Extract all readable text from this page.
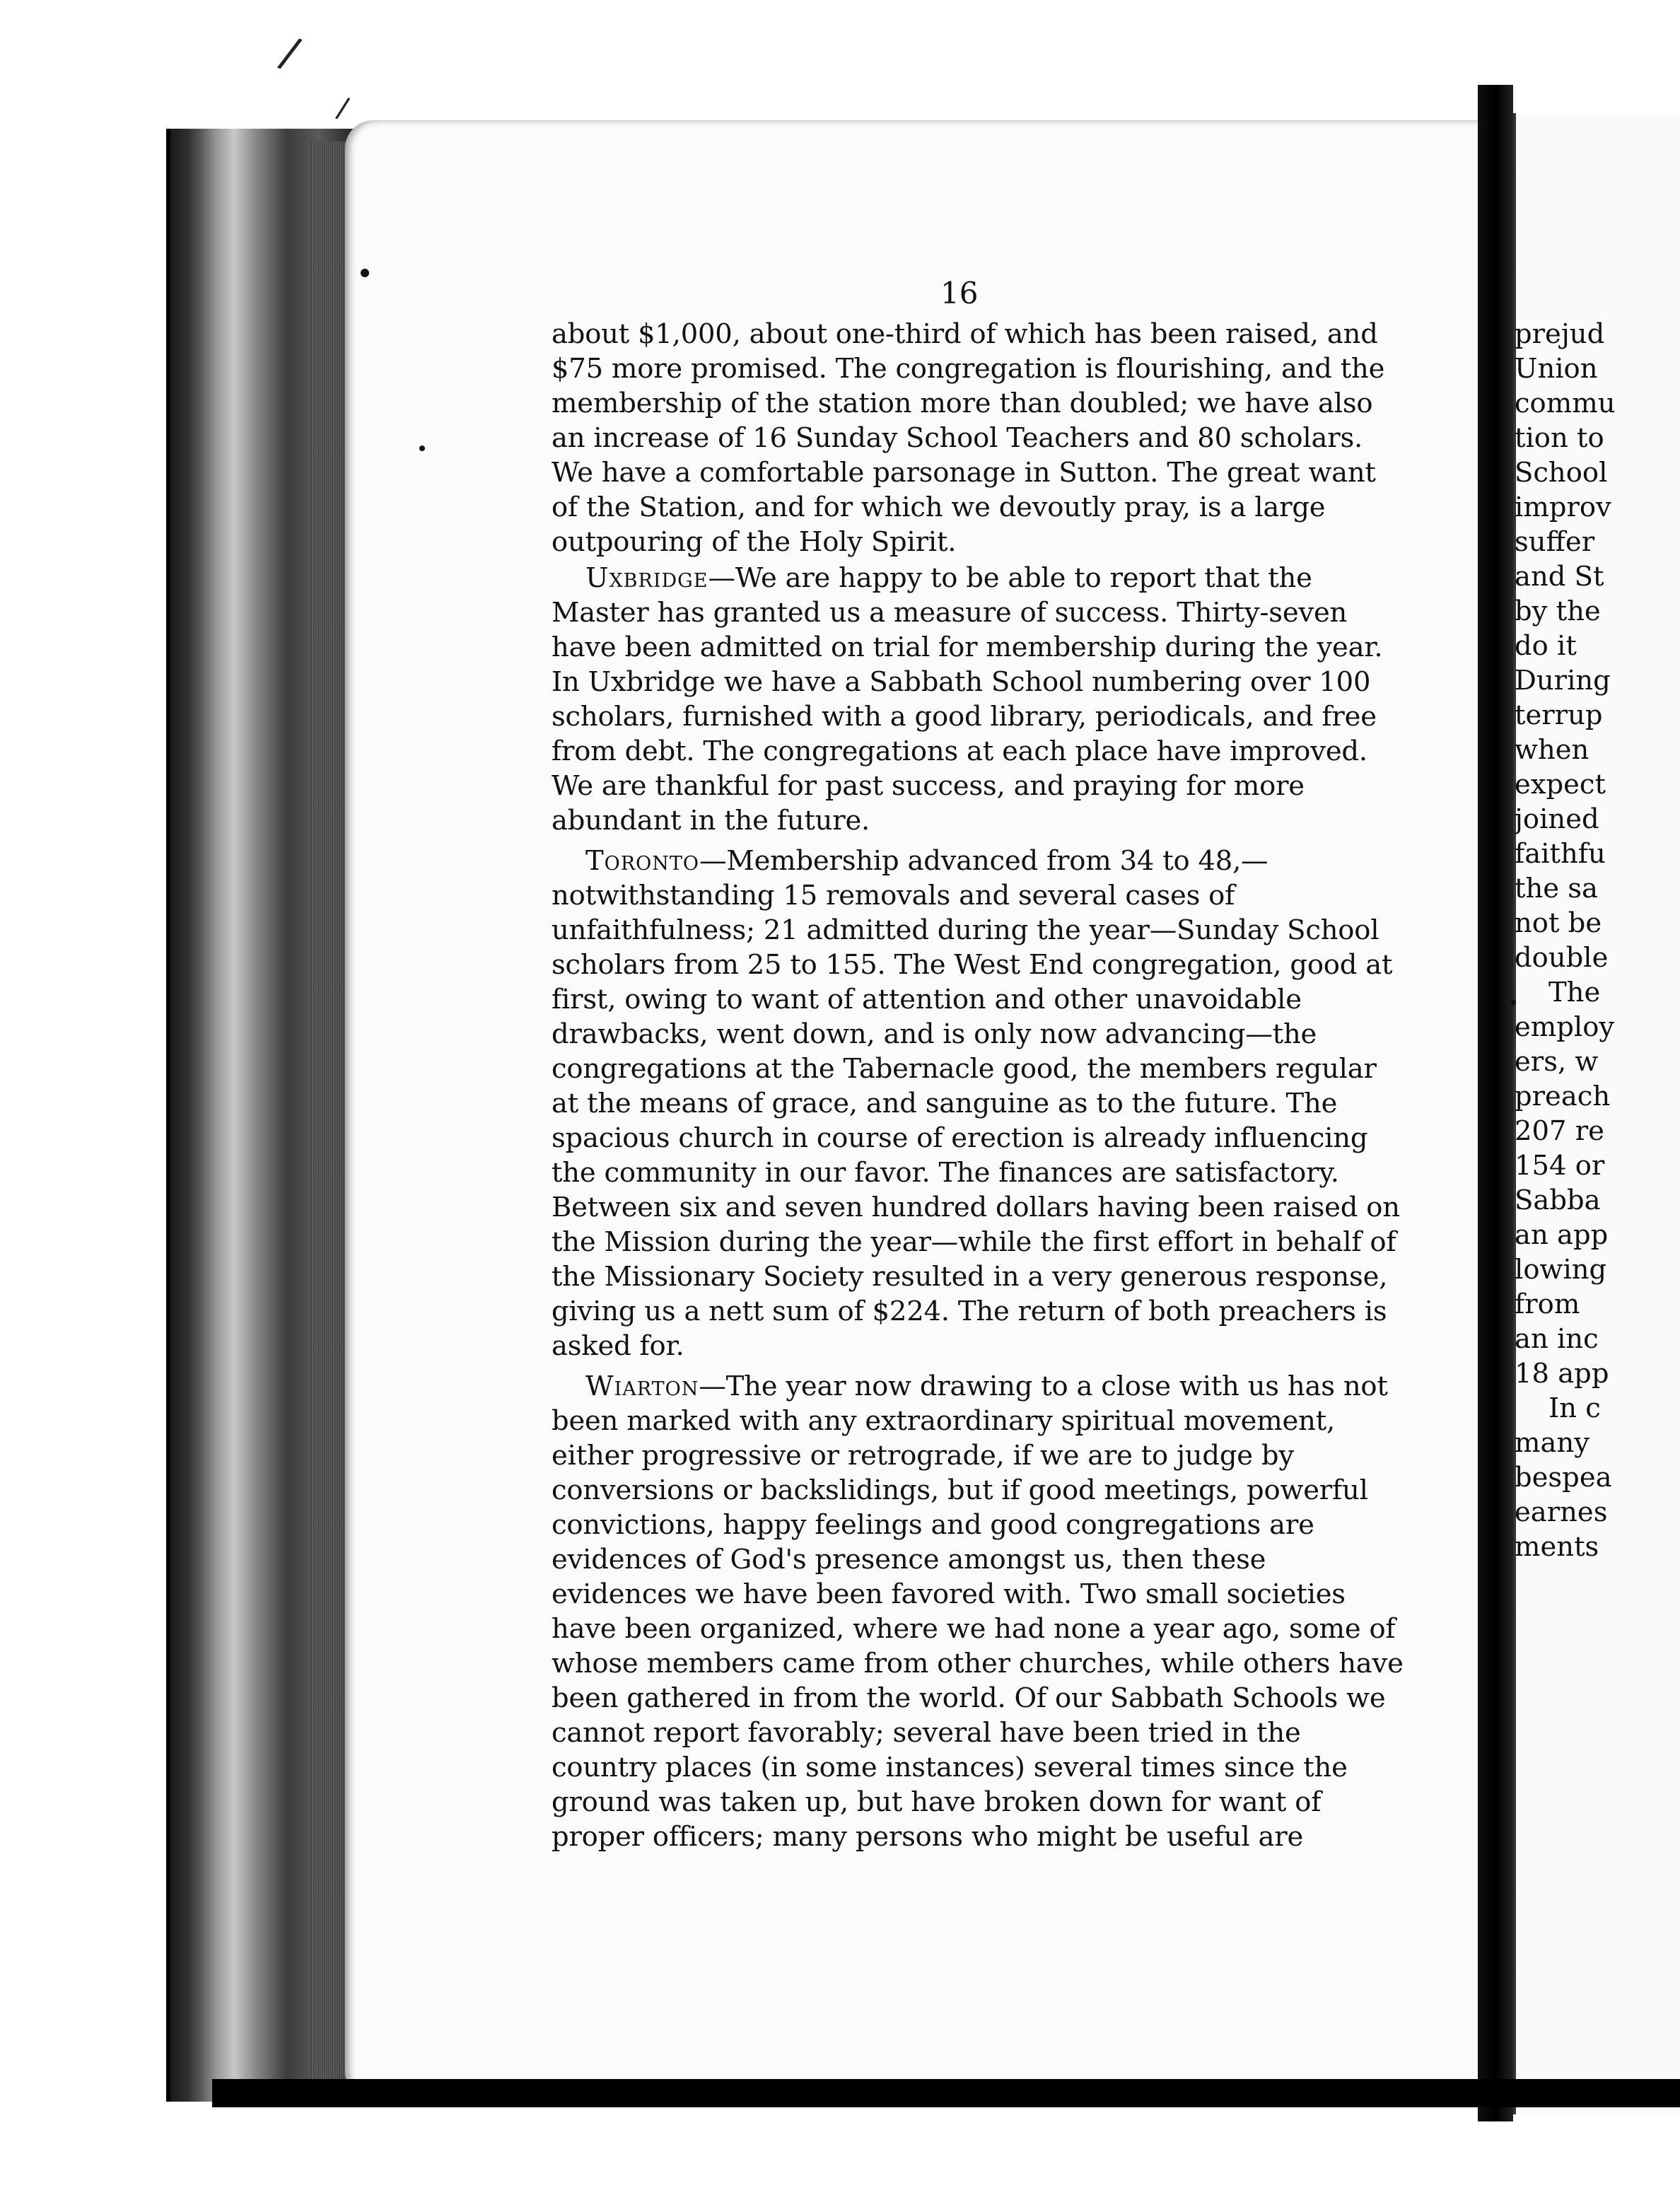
/
/
16

about $1,000, about one-third of which has been raised, and $75 more promised. The congregation is flourishing, and the membership of the station more than doubled; we have also an increase of 16 Sunday School Teachers and 80 scholars. We have a comfortable parsonage in Sutton. The great want of the Station, and for which we devoutly pray, is a large outpouring of the Holy Spirit.

Uxbridge—We are happy to be able to report that the Master has granted us a measure of success. Thirty-seven have been admitted on trial for membership during the year. In Uxbridge we have a Sabbath School numbering over 100 scholars, furnished with a good library, periodicals, and free from debt. The congregations at each place have improved. We are thankful for past success, and praying for more abundant in the future.

Toronto—Membership advanced from 34 to 48,—notwithstanding 15 removals and several cases of unfaithfulness; 21 admitted during the year—Sunday School scholars from 25 to 155. The West End congregation, good at first, owing to want of attention and other unavoidable drawbacks, went down, and is only now advancing—the congregations at the Tabernacle good, the members regular at the means of grace, and sanguine as to the future. The spacious church in course of erection is already influencing the community in our favor. The finances are satisfactory. Between six and seven hundred dollars having been raised on the Mission during the year—while the first effort in behalf of the Missionary Society resulted in a very generous response, giving us a nett sum of $224. The return of both preachers is asked for.

Wiarton—The year now drawing to a close with us has not been marked with any extraordinary spiritual movement, either progressive or retrograde, if we are to judge by conversions or backslidings, but if good meetings, powerful convictions, happy feelings and good congregations are evidences of God's presence amongst us, then these evidences we have been favored with. Two small societies have been organized, where we had none a year ago, some of whose members came from other churches, while others have been gathered in from the world. Of our Sabbath Schools we cannot report favorably; several have been tried in the country places (in some instances) several times since the ground was taken up, but have broken down for want of proper officers; many persons who might be useful are

prejud
Union
commu
tion to
School
improv
suffer
and St
by the
do it
During
terrup
when
expect
joined
faithfu
the sa
not be
double
The
employ
ers, w
preach
207 re
154 or
Sabba
an app
lowing
from
an inc
18 app
In c
many
bespea
earnes
ments
